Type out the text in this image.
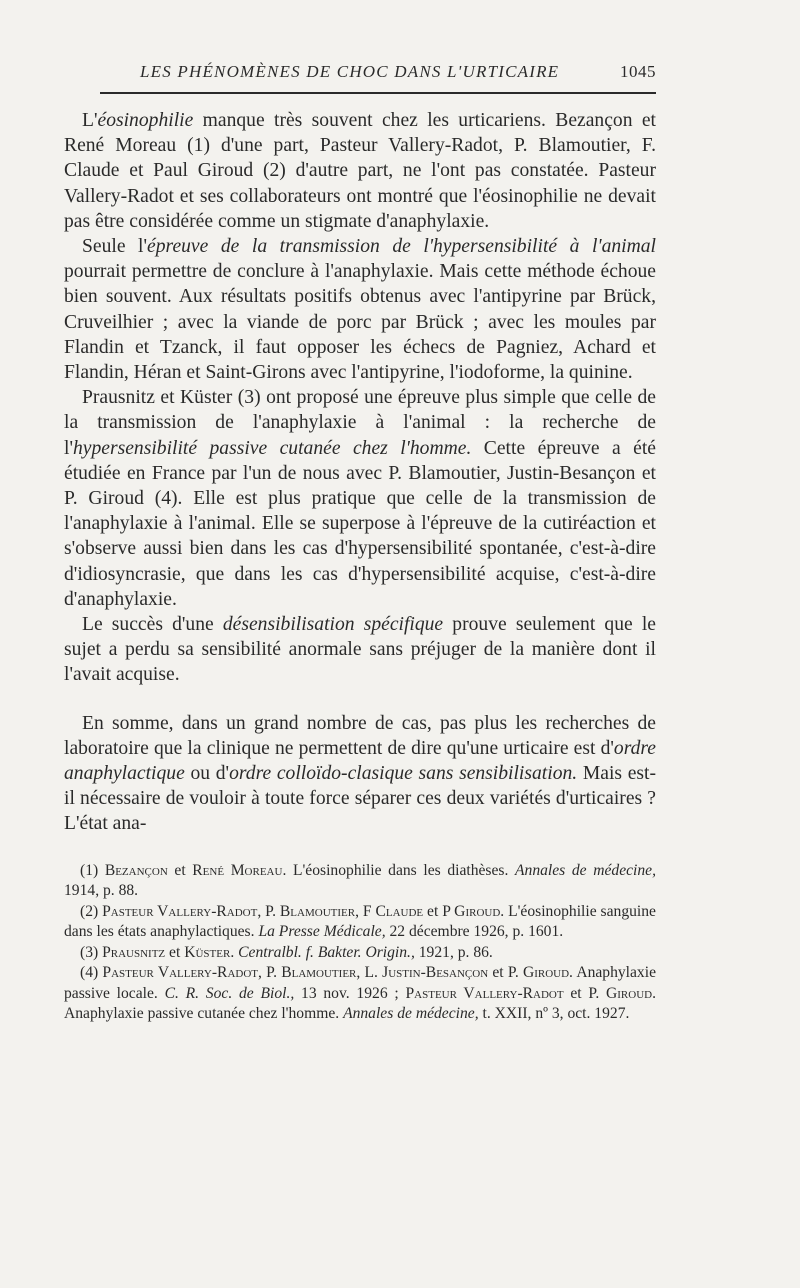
LES PHÉNOMÈNES DE CHOC DANS L'URTICAIRE	1045

L'éosinophilie manque très souvent chez les urticariens. Bezançon et René Moreau (1) d'une part, Pasteur Vallery-Radot, P. Blamoutier, F. Claude et Paul Giroud (2) d'autre part, ne l'ont pas constatée. Pasteur Vallery-Radot et ses collaborateurs ont montré que l'éosinophilie ne devait pas être considérée comme un stigmate d'anaphylaxie.

Seule l'épreuve de la transmission de l'hypersensibilité à l'animal pourrait permettre de conclure à l'anaphylaxie. Mais cette méthode échoue bien souvent. Aux résultats positifs obtenus avec l'antipyrine par Brück, Cruveilhier ; avec la viande de porc par Brück ; avec les moules par Flandin et Tzanck, il faut opposer les échecs de Pagniez, Achard et Flandin, Héran et Saint-Girons avec l'antipyrine, l'iodoforme, la quinine.

Prausnitz et Küster (3) ont proposé une épreuve plus simple que celle de la transmission de l'anaphylaxie à l'animal : la recherche de l'hypersensibilité passive cutanée chez l'homme. Cette épreuve a été étudiée en France par l'un de nous avec P. Blamoutier, Justin-Besançon et P. Giroud (4). Elle est plus pratique que celle de la transmission de l'anaphylaxie à l'animal. Elle se superpose à l'épreuve de la cutiréaction et s'observe aussi bien dans les cas d'hypersensibilité spontanée, c'est-à-dire d'idiosyncrasie, que dans les cas d'hypersensibilité acquise, c'est-à-dire d'anaphylaxie.

Le succès d'une désensibilisation spécifique prouve seulement que le sujet a perdu sa sensibilité anormale sans préjuger de la manière dont il l'avait acquise.

En somme, dans un grand nombre de cas, pas plus les recherches de laboratoire que la clinique ne permettent de dire qu'une urticaire est d'ordre anaphylactique ou d'ordre colloïdo-clasique sans sensibilisation. Mais est-il nécessaire de vouloir à toute force séparer ces deux variétés d'urticaires ? L'état ana-

(1) Bezançon et René Moreau. L'éosinophilie dans les diathèses. Annales de médecine, 1914, p. 88.

(2) Pasteur Vallery-Radot, P. Blamoutier, F Claude et P Giroud. L'éosinophilie sanguine dans les états anaphylactiques. La Presse Médicale, 22 décembre 1926, p. 1601.

(3) Prausnitz et Küster. Centralbl. f. Bakter. Origin., 1921, p. 86.

(4) Pasteur Vallery-Radot, P. Blamoutier, L. Justin-Besançon et P. Giroud. Anaphylaxie passive locale. C. R. Soc. de Biol., 13 nov. 1926 ; Pasteur Vallery-Radot et P. Giroud. Anaphylaxie passive cutanée chez l'homme. Annales de médecine, t. XXII, nº 3, oct. 1927.
